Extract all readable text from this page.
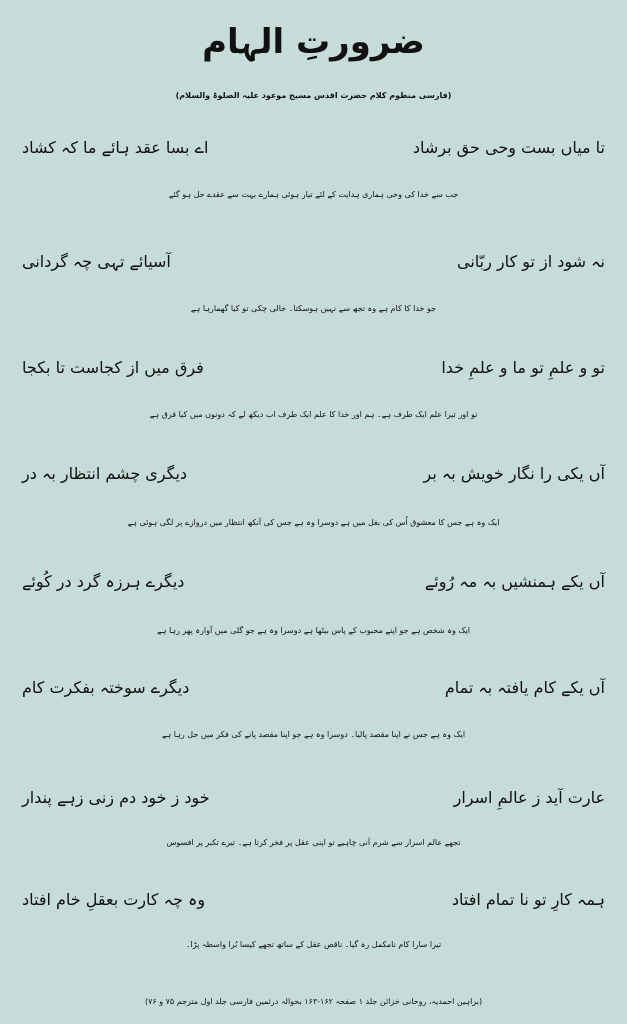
ضرورتِ الہام
(فارسی منظوم کلام حضرت اقدس مسیح موعود علیہ الصلوۃ والسلام)
تا میاں بست وحی حق برشاد
اے بسا عقد ہائے ما کہ کشاد
جب سے خدا کی وحی ہماری ہدایت کے لئے تیار ہوئی ہمارے بہت سے عقدے حل ہو گئے
نہ شود از تو کار ربّانی
آسیائے تہی چہ گردانی
جو خدا کا کام ہے وہ تجھ سے نہیں ہوسکتا۔ خالی چکی تو کیا گھمارہا ہے
تو و علمِ تو ما و علمِ خدا
فرق میں از کجاست تا بکجا
تو اور تیرا علم ایک طرف ہے۔ ہم اور خدا کا علم ایک طرف اب دیکھ لے کہ دونوں میں کیا فرق ہے
آں یکی را نگار خویش بہ بر
دیگری چشم انتظار بہ در
ایک وہ ہے جس کا معشوق اُس کی بغل میں ہے دوسرا وہ ہے جس کی آنکھ انتظار میں دروازے پر لگی ہوئی ہے
آں یکے ہمنشیں بہ مہ رُوئے
دیگرے ہرزہ گرد در کُوئے
ایک وہ شخص ہے جو اپنے محبوب کے پاس بیٹھا ہے دوسرا وہ ہے جو گلی میں آوارہ پھر رہا ہے
آں یکے کام یافتہ بہ تمام
دیگرے سوختہ بفکرت کام
ایک وہ ہے جس نے اپنا مقصد پالیا۔ دوسرا وہ ہے جو اپنا مقصد پانے کی فکر میں جل رہا ہے
عارت آید ز عالمِ اسرار
خود ز خود دم زنی زہے پندار
تجھے عالم اسرار سے شرم آنی چاہیے تو اپنی عقل پر فخر کرتا ہے۔ تیرے تکبر پر افسوس
ہمہ کارِ تو نا تمام افتاد
وہ چہ کارت بعقلِ خام افتاد
تیرا سارا کام نامکمل رہ گیا۔ ناقص عقل کے ساتھ تجھے کیسا بُرا واسطہ پڑا۔
(براہین احمدیہ، روحانی خزائن جلد ۱ صفحہ ۱۶۲-۱۶۳ بحوالہ درثمین فارسی جلد اول مترجم ۷۵ و ۷۶)
